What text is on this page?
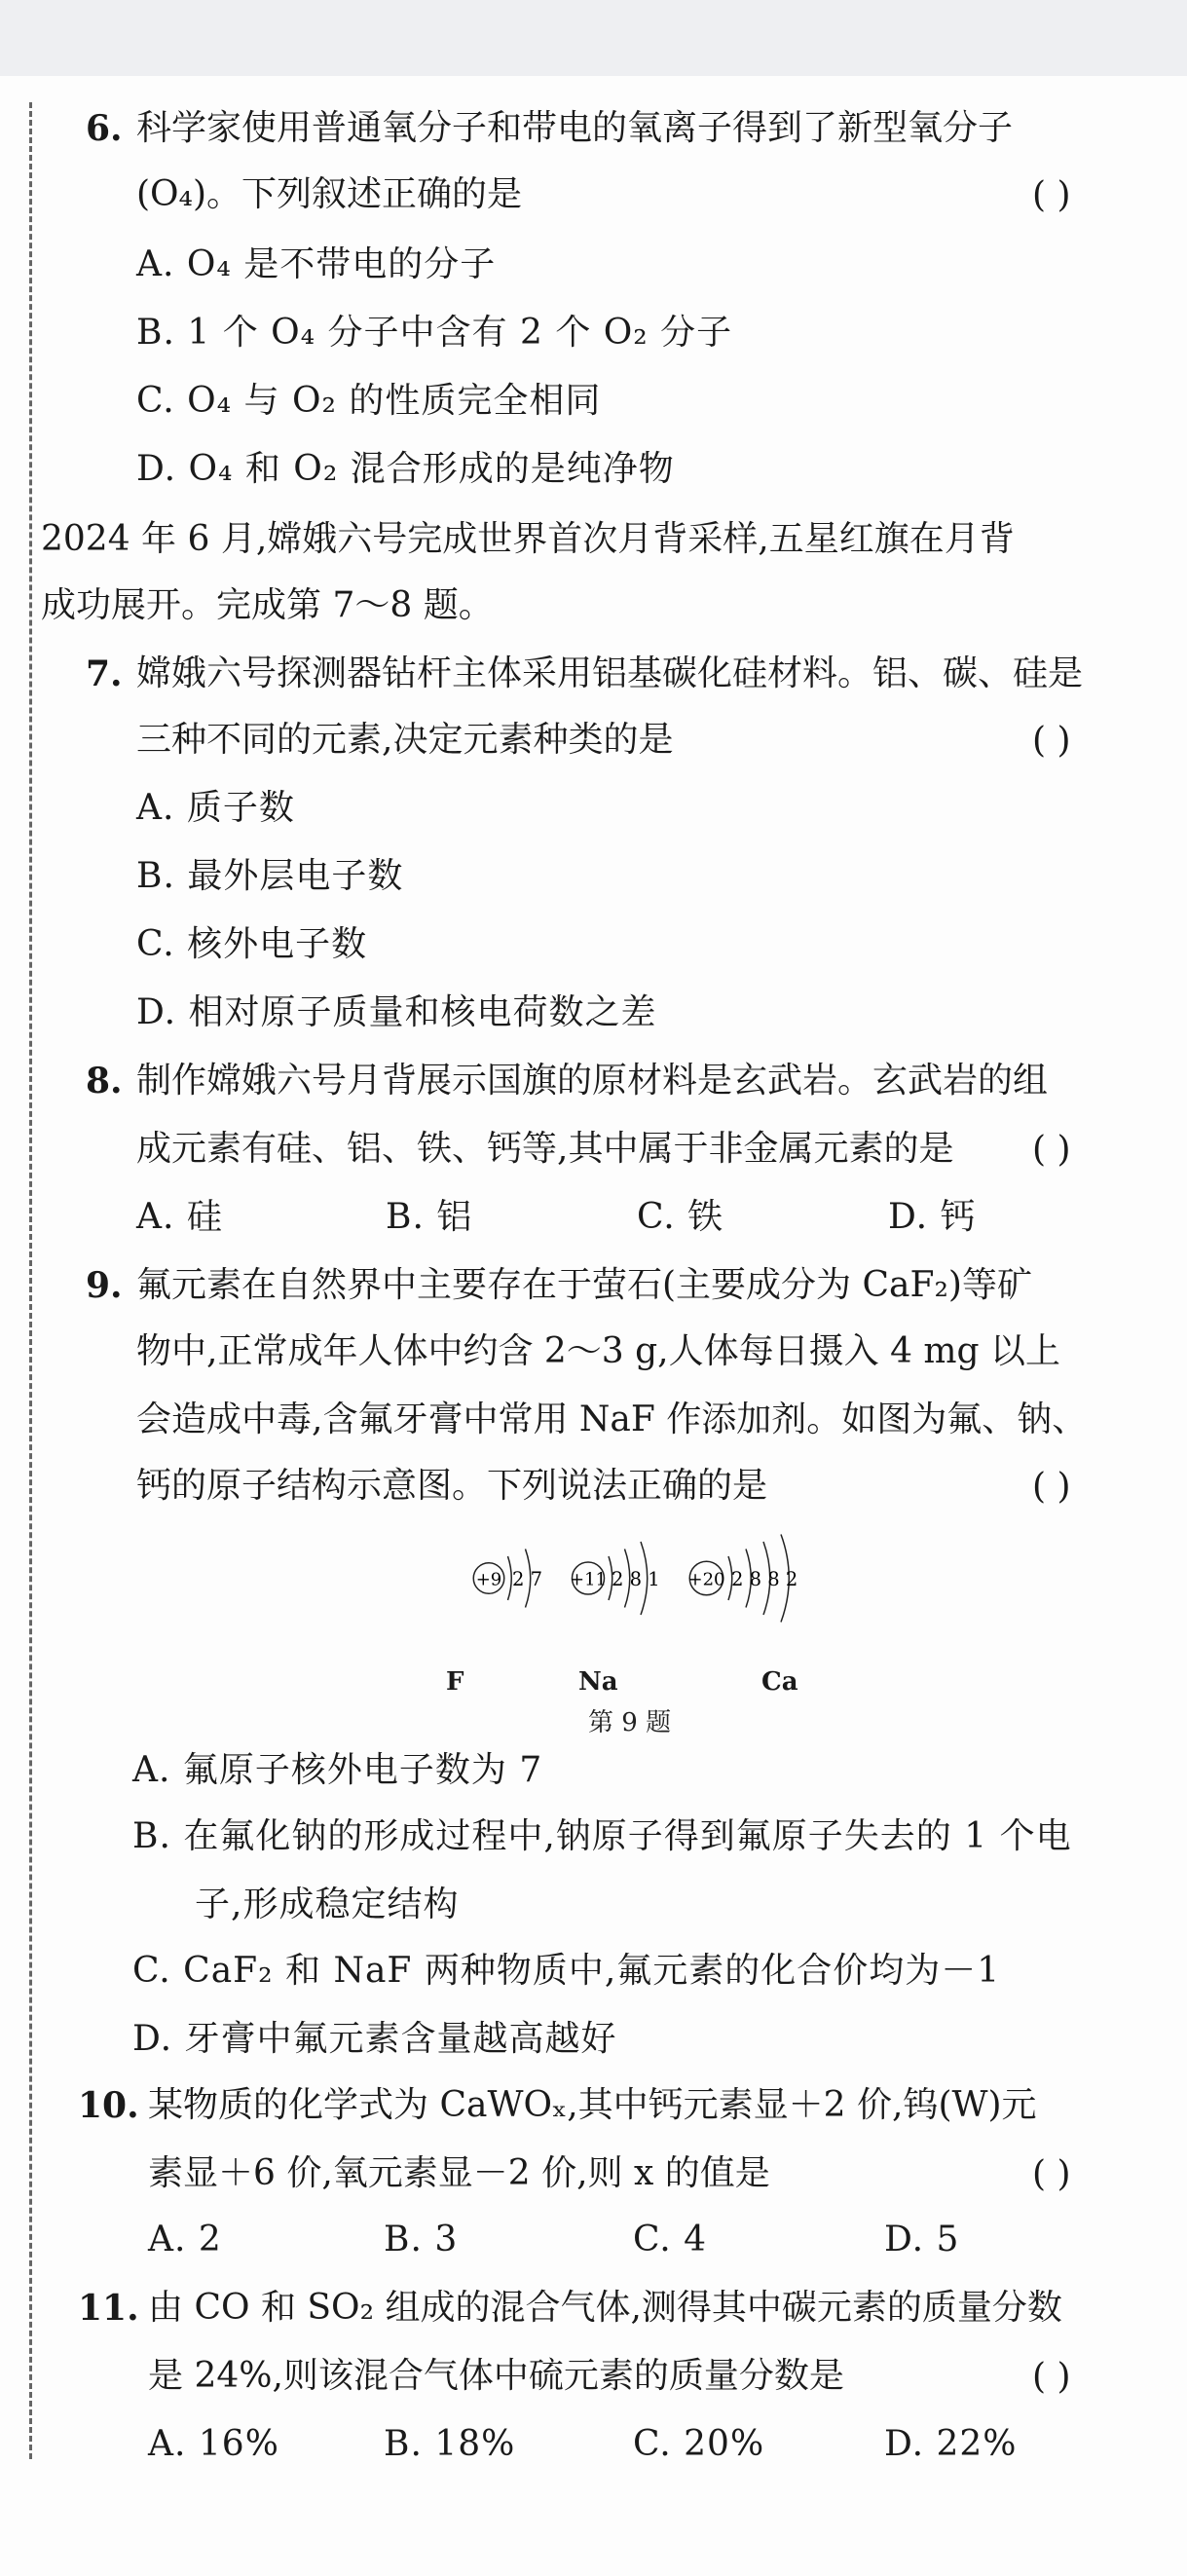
6. 科学家使用普通氧分子和带电的氧离子得到了新型氧分子
(O₄)。下列叙述正确的是	( )
A. O₄ 是不带电的分子
B. 1 个 O₄ 分子中含有 2 个 O₂ 分子
C. O₄ 与 O₂ 的性质完全相同
D. O₄ 和 O₂ 混合形成的是纯净物
2024 年 6 月,嫦娥六号完成世界首次月背采样,五星红旗在月背
成功展开。完成第 7～8 题。
7. 嫦娥六号探测器钻杆主体采用铝基碳化硅材料。铝、碳、硅是
三种不同的元素,决定元素种类的是	( )
A. 质子数
B. 最外层电子数
C. 核外电子数
D. 相对原子质量和核电荷数之差
8. 制作嫦娥六号月背展示国旗的原材料是玄武岩。玄武岩的组
成元素有硅、铝、铁、钙等,其中属于非金属元素的是 ( )
A. 硅	B. 铝	C. 铁	D. 钙
9. 氟元素在自然界中主要存在于萤石(主要成分为 CaF₂)等矿
物中,正常成年人体中约含 2～3 g,人体每日摄入 4 mg 以上
会造成中毒,含氟牙膏中常用 NaF 作添加剂。如图为氟、钠、
钙的原子结构示意图。下列说法正确的是	( )
+9 2 7 +11 2 8 1 +20 2 8 8 2
F	Na	Ca
第 9 题
A. 氟原子核外电子数为 7
B. 在氟化钠的形成过程中,钠原子得到氟原子失去的 1 个电
子,形成稳定结构
C. CaF₂ 和 NaF 两种物质中,氟元素的化合价均为－1
D. 牙膏中氟元素含量越高越好
10. 某物质的化学式为 CaWOₓ,其中钙元素显＋2 价,钨(W)元
素显＋6 价,氧元素显－2 价,则 x 的值是	( )
A. 2	B. 3	C. 4	D. 5
11. 由 CO 和 SO₂ 组成的混合气体,测得其中碳元素的质量分数
是 24%,则该混合气体中硫元素的质量分数是	( )
A. 16%	B. 18%	C. 20%	D. 22%
